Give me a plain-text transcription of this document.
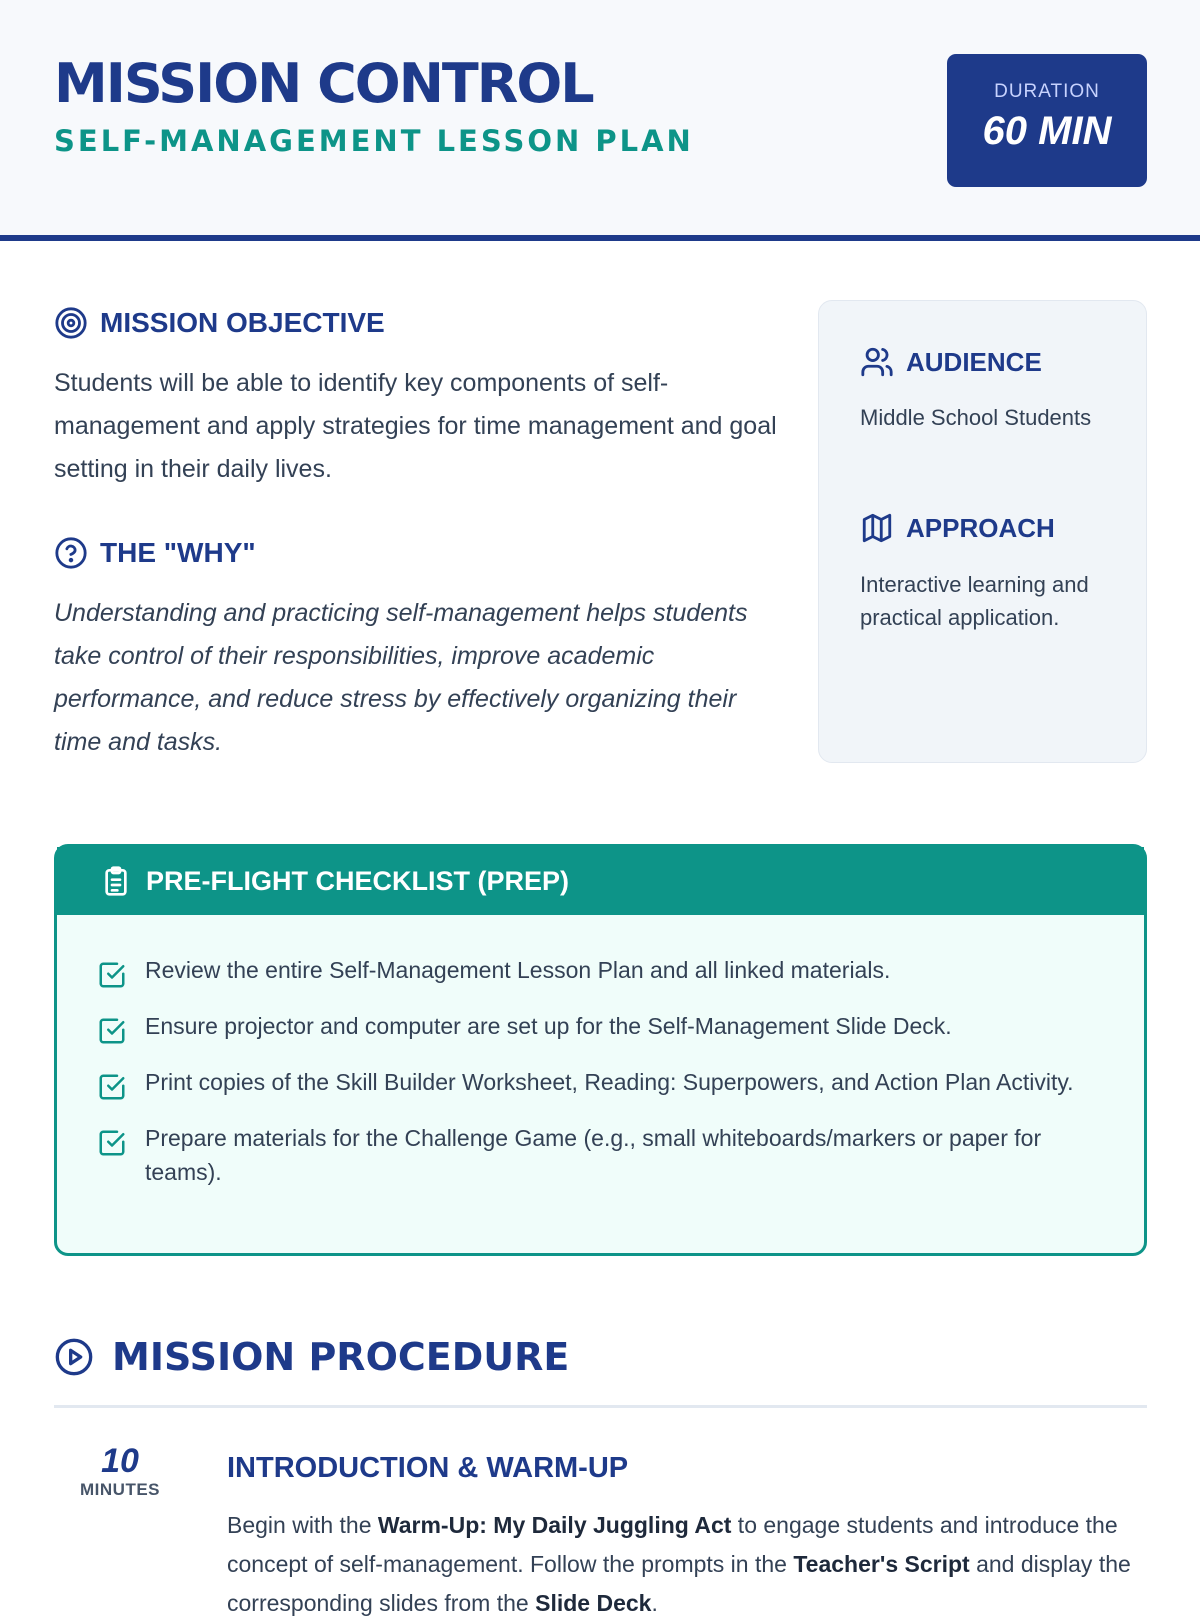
MISSION CONTROL
SELF-MANAGEMENT LESSON PLAN
DURATION
60 MIN
MISSION OBJECTIVE
Students will be able to identify key components of self-management and apply strategies for time management and goal setting in their daily lives.
THE "WHY"
Understanding and practicing self-management helps students take control of their responsibilities, improve academic performance, and reduce stress by effectively organizing their time and tasks.
AUDIENCE
Middle School Students
APPROACH
Interactive learning and practical application.
PRE-FLIGHT CHECKLIST (PREP)
Review the entire Self-Management Lesson Plan and all linked materials.
Ensure projector and computer are set up for the Self-Management Slide Deck.
Print copies of the Skill Builder Worksheet, Reading: Superpowers, and Action Plan Activity.
Prepare materials for the Challenge Game (e.g., small whiteboards/markers or paper for teams).
MISSION PROCEDURE
10
MINUTES
INTRODUCTION & WARM-UP
Begin with the Warm-Up: My Daily Juggling Act to engage students and introduce the concept of self-management. Follow the prompts in the Teacher's Script and display the corresponding slides from the Slide Deck.
